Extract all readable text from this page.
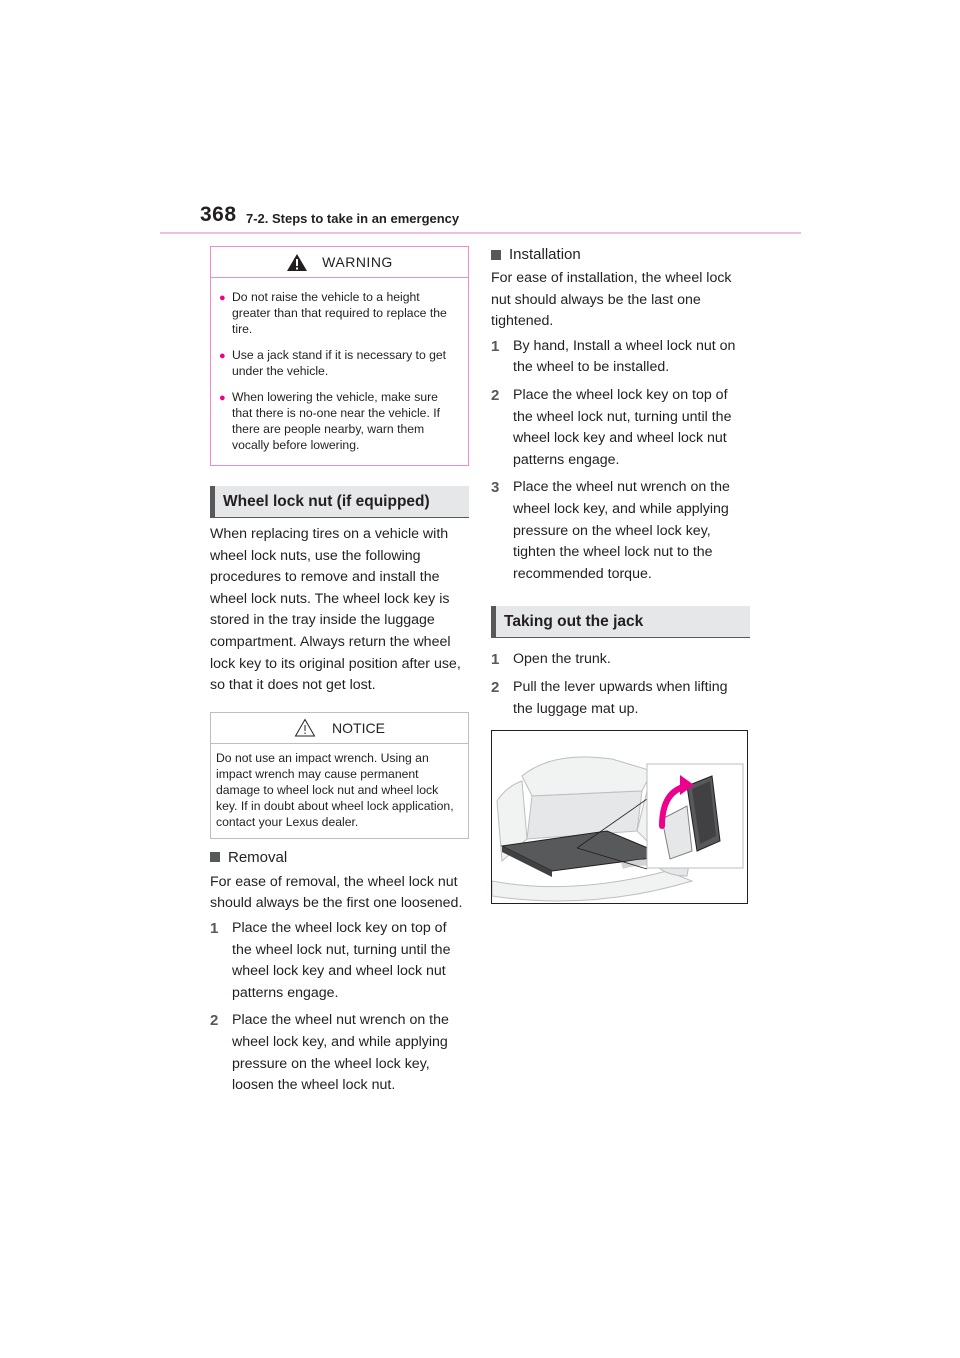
368 7-2. Steps to take in an emergency
WARNING
● Do not raise the vehicle to a height greater than that required to replace the tire.
● Use a jack stand if it is necessary to get under the vehicle.
● When lowering the vehicle, make sure that there is no-one near the vehicle. If there are people nearby, warn them vocally before lowering.
Wheel lock nut (if equipped)
When replacing tires on a vehicle with wheel lock nuts, use the following procedures to remove and install the wheel lock nuts. The wheel lock key is stored in the tray inside the luggage compartment. Always return the wheel lock key to its original position after use, so that it does not get lost.
NOTICE
Do not use an impact wrench. Using an impact wrench may cause permanent damage to wheel lock nut and wheel lock key. If in doubt about wheel lock application, contact your Lexus dealer.
Removal
For ease of removal, the wheel lock nut should always be the first one loosened.
1 Place the wheel lock key on top of the wheel lock nut, turning until the wheel lock key and wheel lock nut patterns engage.
2 Place the wheel nut wrench on the wheel lock key, and while applying pressure on the wheel lock key, loosen the wheel lock nut.
Installation
For ease of installation, the wheel lock nut should always be the last one tightened.
1 By hand, Install a wheel lock nut on the wheel to be installed.
2 Place the wheel lock key on top of the wheel lock nut, turning until the wheel lock key and wheel lock nut patterns engage.
3 Place the wheel nut wrench on the wheel lock key, and while applying pressure on the wheel lock key, tighten the wheel lock nut to the recommended torque.
Taking out the jack
1 Open the trunk.
2 Pull the lever upwards when lifting the luggage mat up.
